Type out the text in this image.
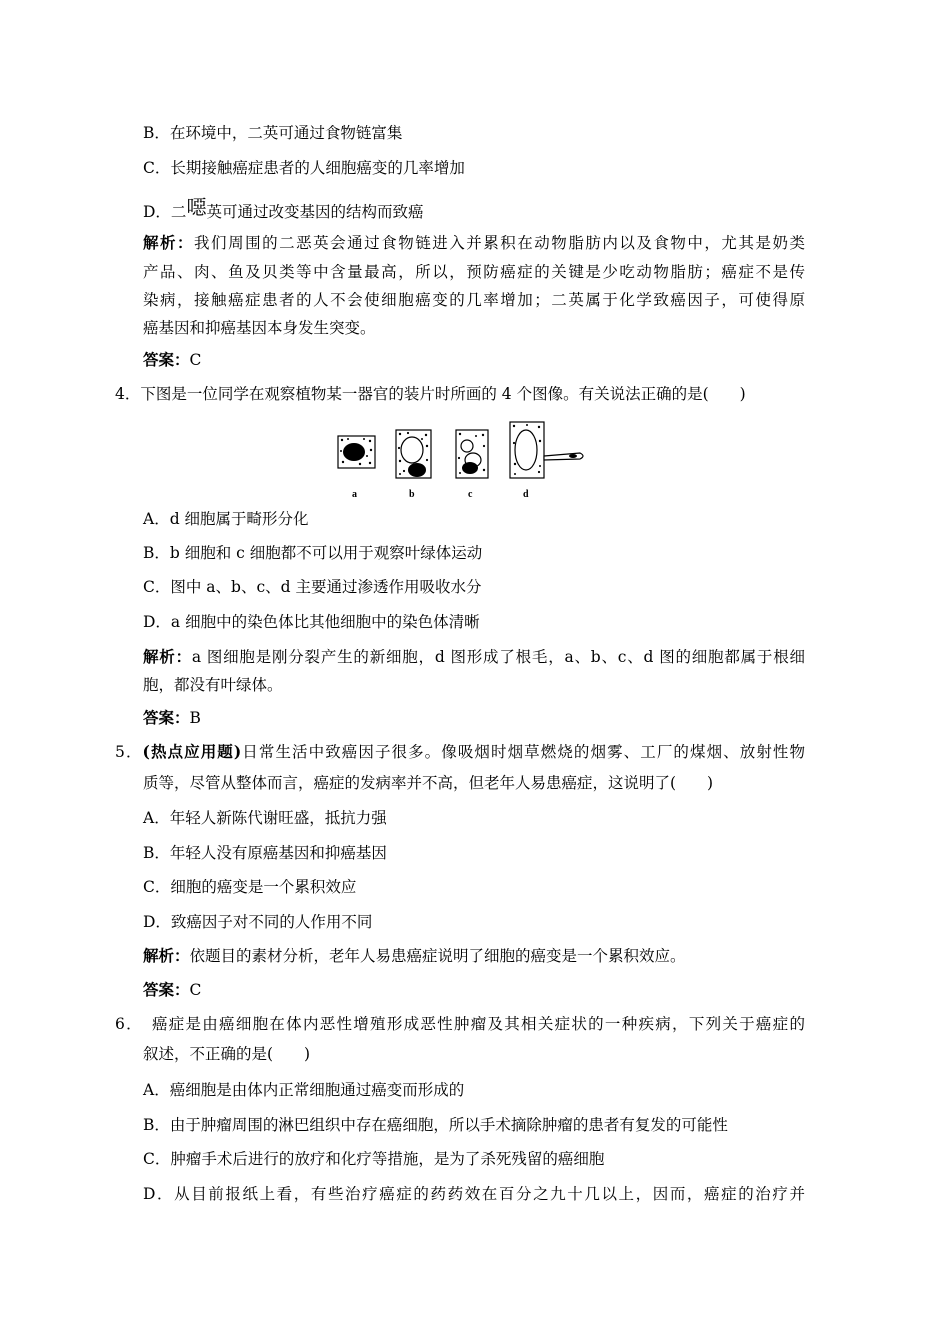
B．在环境中，二英可通过食物链富集
C．长期接触癌症患者的人细胞癌变的几率增加
D．二噁英可通过改变基因的结构而致癌
解析：我们周围的二恶英会通过食物链进入并累积在动物脂肪内以及食物中，尤其是奶类
产品、肉、鱼及贝类等中含量最高，所以，预防癌症的关键是少吃动物脂肪；癌症不是传
染病，接触癌症患者的人不会使细胞癌变的几率增加；二英属于化学致癌因子，可使得原
癌基因和抑癌基因本身发生突变。
答案：C
4．下图是一位同学在观察植物某一器官的装片时所画的 4 个图像。有关说法正确的是(　　)
a	b	c	d
A．d 细胞属于畸形分化
B．b 细胞和 c 细胞都不可以用于观察叶绿体运动
C．图中 a、b、c、d 主要通过渗透作用吸收水分
D．a 细胞中的染色体比其他细胞中的染色体清晰
解析：a 图细胞是刚分裂产生的新细胞，d 图形成了根毛，a、b、c、d 图的细胞都属于根细
胞，都没有叶绿体。
答案：B
5．(热点应用题)日常生活中致癌因子很多。像吸烟时烟草燃烧的烟雾、工厂的煤烟、放射性物
质等，尽管从整体而言，癌症的发病率并不高，但老年人易患癌症，这说明了(　　)
A．年轻人新陈代谢旺盛，抵抗力强
B．年轻人没有原癌基因和抑癌基因
C．细胞的癌变是一个累积效应
D．致癌因子对不同的人作用不同
解析：依题目的素材分析，老年人易患癌症说明了细胞的癌变是一个累积效应。
答案：C
6．　癌症是由癌细胞在体内恶性增殖形成恶性肿瘤及其相关症状的一种疾病，下列关于癌症的
叙述，不正确的是(　　)
A．癌细胞是由体内正常细胞通过癌变而形成的
B．由于肿瘤周围的淋巴组织中存在癌细胞，所以手术摘除肿瘤的患者有复发的可能性
C．肿瘤手术后进行的放疗和化疗等措施，是为了杀死残留的癌细胞
D．从目前报纸上看，有些治疗癌症的药药效在百分之九十几以上，因而，癌症的治疗并
